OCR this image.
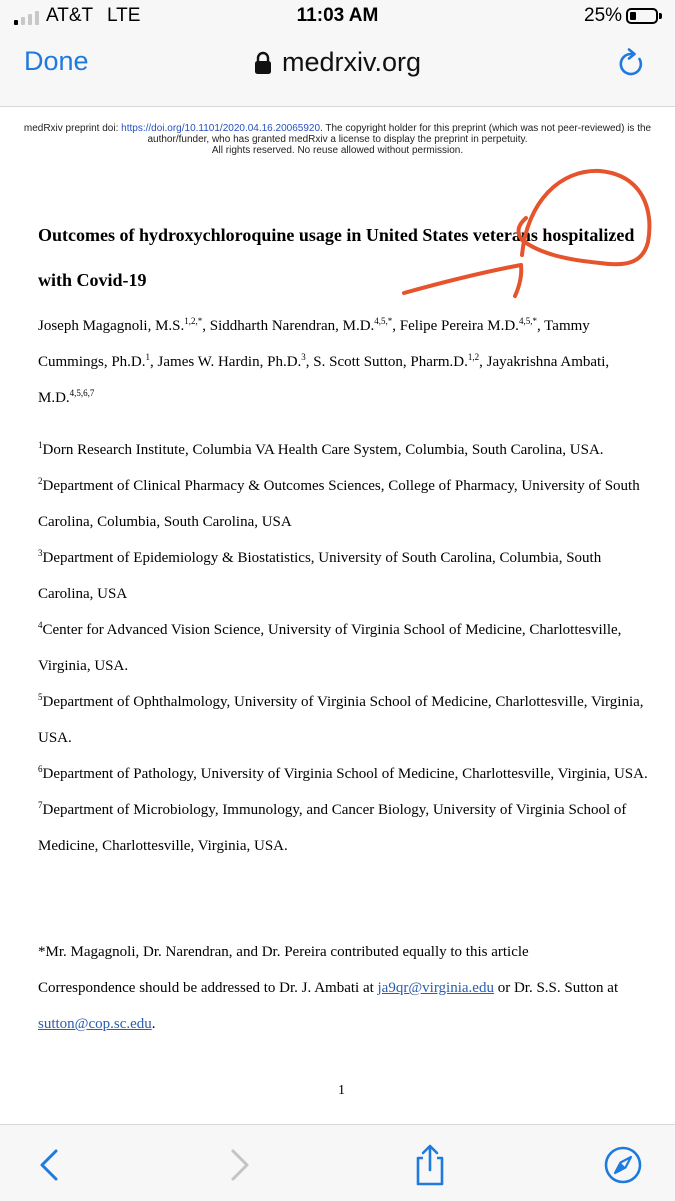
AT&T LTE	11:03 AM	25%
Done	medrxiv.org
medRxiv preprint doi: https://doi.org/10.1101/2020.04.16.20065920. The copyright holder for this preprint (which was not peer-reviewed) is the
author/funder, who has granted medRxiv a license to display the preprint in perpetuity.
All rights reserved. No reuse allowed without permission.
Outcomes of hydroxychloroquine usage in United States veterans hospitalized with Covid-19
Joseph Magagnoli, M.S.$^{1,2,*}$, Siddharth Narendran, M.D.$^{4,5,*}$, Felipe Pereira M.D.$^{4,5,*}$, Tammy Cummings, Ph.D.$^1$, James W. Hardin, Ph.D.$^3$, S. Scott Sutton, Pharm.D.$^{1,2}$, Jayakrishna Ambati, M.D.$^{4,5,6,7}$

$^1$Dorn Research Institute, Columbia VA Health Care System, Columbia, South Carolina, USA.

$^2$Department of Clinical Pharmacy & Outcomes Sciences, College of Pharmacy, University of South Carolina, Columbia, South Carolina, USA

$^3$Department of Epidemiology & Biostatistics, University of South Carolina, Columbia, South Carolina, USA

$^4$Center for Advanced Vision Science, University of Virginia School of Medicine, Charlottesville, Virginia, USA.

$^5$Department of Ophthalmology, University of Virginia School of Medicine, Charlottesville, Virginia, USA.

$^6$Department of Pathology, University of Virginia School of Medicine, Charlottesville, Virginia, USA.

$^7$Department of Microbiology, Immunology, and Cancer Biology, University of Virginia School of Medicine, Charlottesville, Virginia, USA.

*Mr. Magagnoli, Dr. Narendran, and Dr. Pereira contributed equally to this article
Correspondence should be addressed to Dr. J. Ambati at ja9qr@virginia.edu or Dr. S.S. Sutton at sutton@cop.sc.edu.
1
